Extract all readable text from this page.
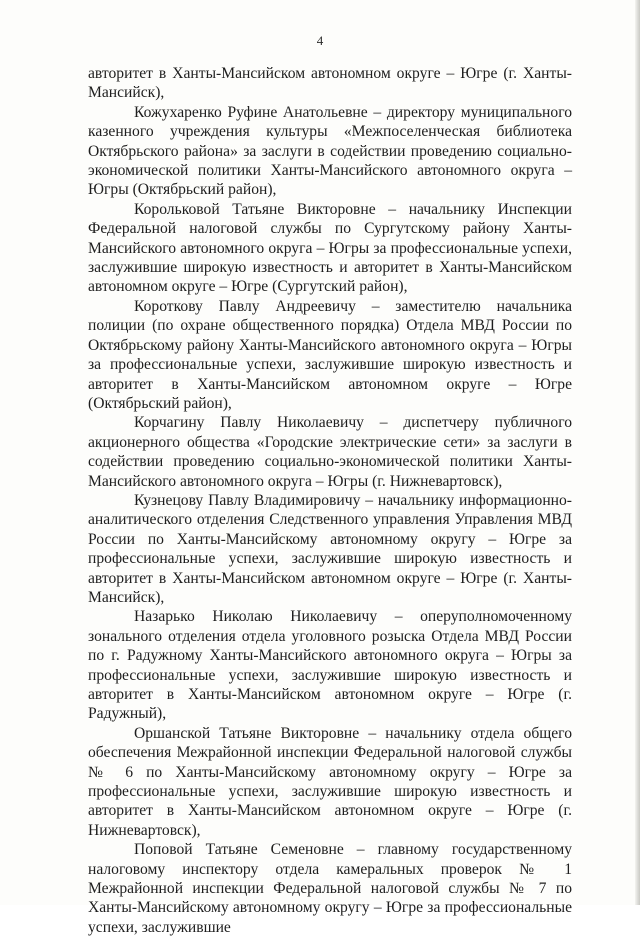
4

авторитет в Ханты-Мансийском автономном округе – Югре (г. Ханты-Мансийск),

Кожухаренко Руфине Анатольевне – директору муниципального казенного учреждения культуры «Межпоселенческая библиотека Октябрьского района» за заслуги в содействии проведению социально-экономической политики Ханты-Мансийского автономного округа – Югры (Октябрьский район),

Корольковой Татьяне Викторовне – начальнику Инспекции Федеральной налоговой службы по Сургутскому району Ханты-Мансийского автономного округа – Югры за профессиональные успехи, заслужившие широкую известность и авторитет в Ханты-Мансийском автономном округе – Югре (Сургутский район),

Короткову Павлу Андреевичу – заместителю начальника полиции (по охране общественного порядка) Отдела МВД России по Октябрьскому району Ханты-Мансийского автономного округа – Югры за профессиональные успехи, заслужившие широкую известность и авторитет в Ханты-Мансийском автономном округе – Югре (Октябрьский район),

Корчагину Павлу Николаевичу – диспетчеру публичного акционерного общества «Городские электрические сети» за заслуги в содействии проведению социально-экономической политики Ханты-Мансийского автономного округа – Югры (г. Нижневартовск),

Кузнецову Павлу Владимировичу – начальнику информационно-аналитического отделения Следственного управления Управления МВД России по Ханты-Мансийскому автономному округу – Югре за профессиональные успехи, заслужившие широкую известность и авторитет в Ханты-Мансийском автономном округе – Югре (г. Ханты-Мансийск),

Назарько Николаю Николаевичу – оперуполномоченному зонального отделения отдела уголовного розыска Отдела МВД России по г. Радужному Ханты-Мансийского автономного округа – Югры за профессиональные успехи, заслужившие широкую известность и авторитет в Ханты-Мансийском автономном округе – Югре (г. Радужный),

Оршанской Татьяне Викторовне – начальнику отдела общего обеспечения Межрайонной инспекции Федеральной налоговой службы № 6 по Ханты-Мансийскому автономному округу – Югре за профессиональные успехи, заслужившие широкую известность и авторитет в Ханты-Мансийском автономном округе – Югре (г. Нижневартовск),

Поповой Татьяне Семеновне – главному государственному налоговому инспектору отдела камеральных проверок № 1 Межрайонной инспекции Федеральной налоговой службы № 7 по Ханты-Мансийскому автономному округу – Югре за профессиональные успехи, заслужившие
